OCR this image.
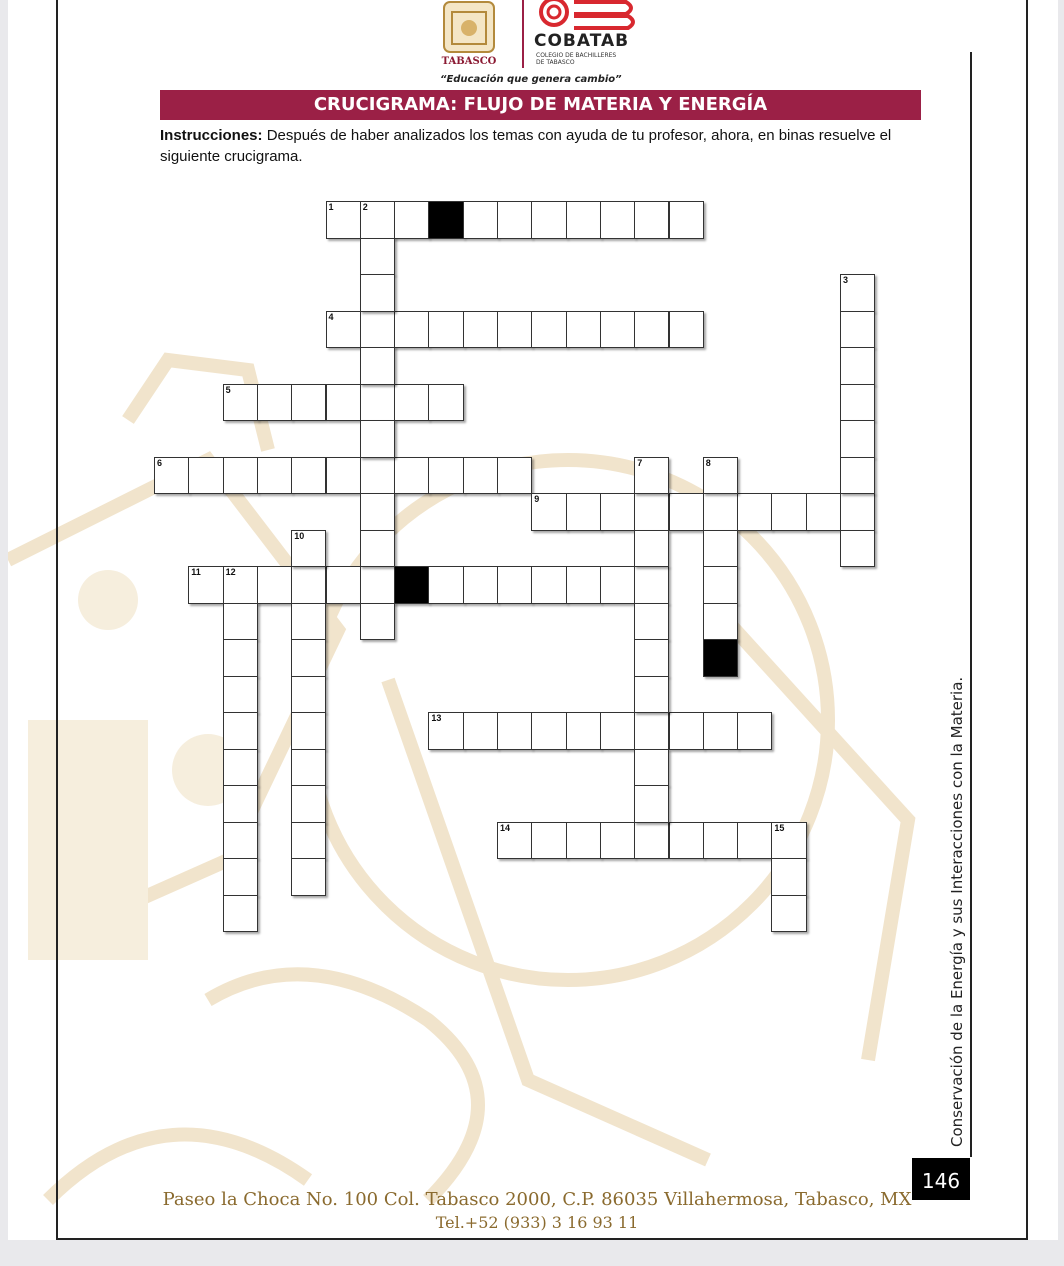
TABASCO
COBATAB
COLEGIO DE BACHILLERES
DE TABASCO
“Educación que genera cambio”
CRUCIGRAMA: FLUJO DE MATERIA Y ENERGÍA
Instrucciones: Después de haber analizados los temas con ayuda de tu profesor, ahora, en binas resuelve el siguiente crucigrama.
1	2
4
5
6
9
11	12
13
14	15
3
7	8
10
Conservación de la Energía y sus Interacciones con la Materia.
146
Paseo la Choca No. 100 Col. Tabasco 2000, C.P. 86035 Villahermosa, Tabasco, MX
Tel.+52 (933) 3 16 93 11
